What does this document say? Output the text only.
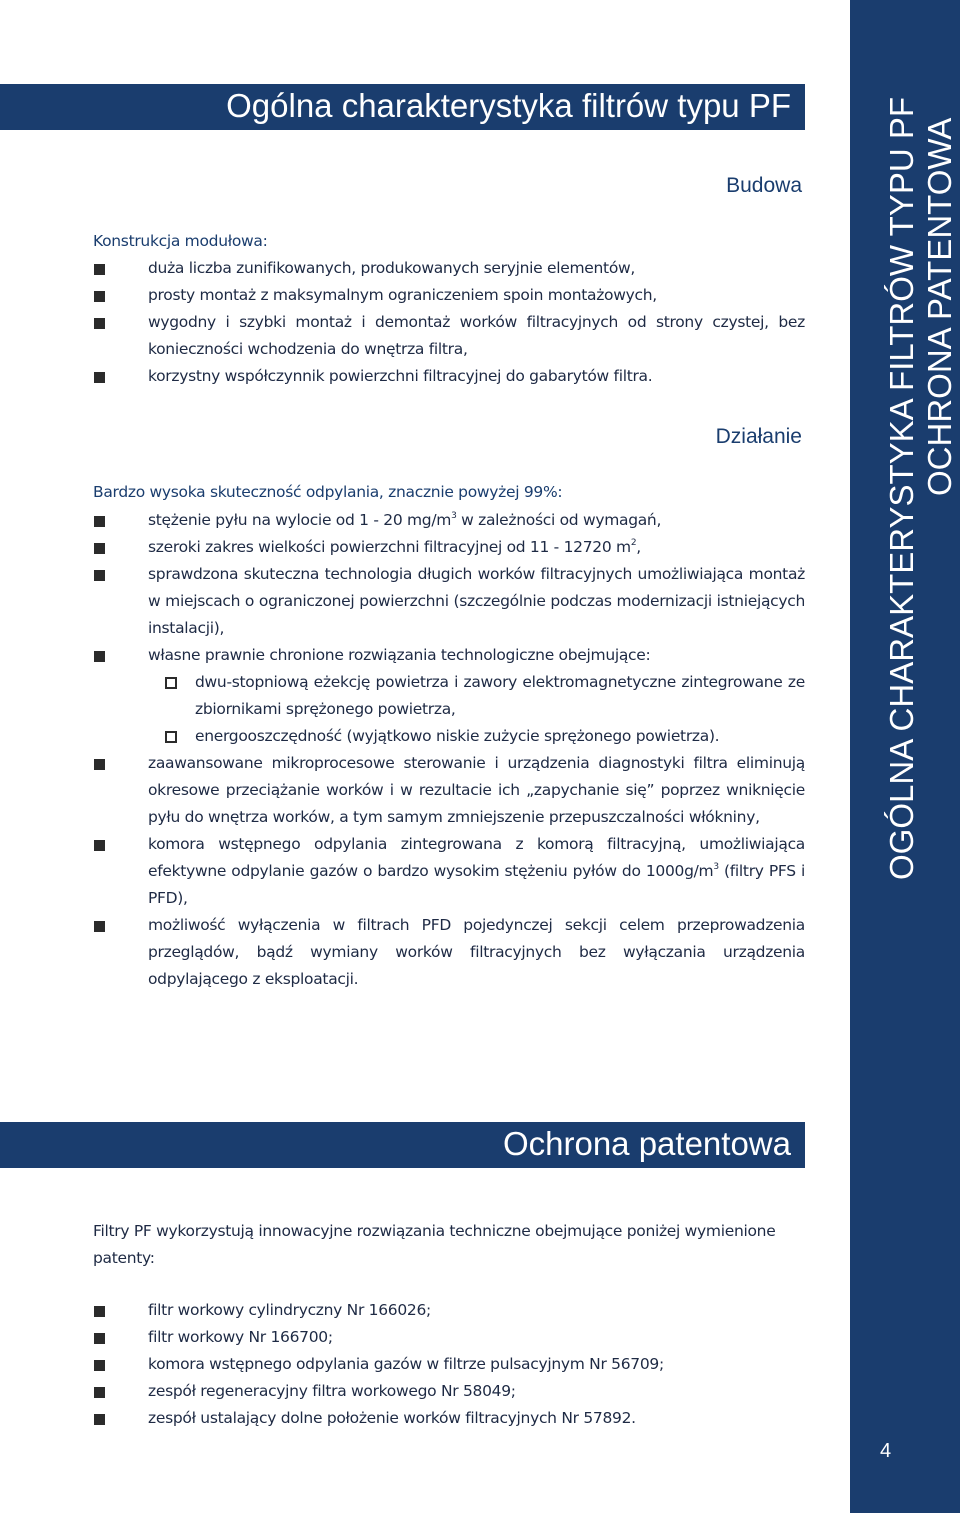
OGÓLNA CHARAKTERYSTYKA FILTRÓW TYPU PF OCHRONA PATENTOWA
4
Ogólna charakterystyka filtrów typu PF
Budowa
Konstrukcja modułowa:
duża liczba zunifikowanych, produkowanych seryjnie elementów,
prosty montaż z maksymalnym ograniczeniem spoin montażowych,
wygodny i szybki montaż i demontaż worków filtracyjnych od strony czystej, bez konieczności wchodzenia do wnętrza filtra,
korzystny współczynnik powierzchni filtracyjnej do gabarytów filtra.
Działanie
Bardzo wysoka skuteczność odpylania, znacznie powyżej 99%:
stężenie pyłu na wylocie od 1 - 20 $mg/m^3$ w zależności od wymagań,
szeroki zakres wielkości powierzchni filtracyjnej od 11 - 12720 $m^2$,
sprawdzona skuteczna technologia długich worków filtracyjnych umożliwiająca montaż w miejscach o ograniczonej powierzchni (szczególnie podczas modernizacji istniejących instalacji),
własne prawnie chronione rozwiązania technologiczne obejmujące:
dwu-stopniową eżekcję powietrza i zawory elektromagnetyczne zintegrowane ze zbiornikami sprężonego powietrza,
energooszczędność (wyjątkowo niskie zużycie sprężonego powietrza).
zaawansowane mikroprocesowe sterowanie i urządzenia diagnostyki filtra eliminują okresowe przeciążanie worków i w rezultacie ich „zapychanie się” poprzez wniknięcie pyłu do wnętrza worków, a tym samym zmniejszenie przepuszczalności włókniny,
komora wstępnego odpylania zintegrowana z komorą filtracyjną, umożliwiająca efektywne odpylanie gazów o bardzo wysokim stężeniu pyłów do $1000g/m^3$ (filtry PFS i PFD),
możliwość wyłączenia w filtrach PFD pojedynczej sekcji celem przeprowadzenia przeglądów, bądź wymiany worków filtracyjnych bez wyłączania urządzenia odpylającego z eksploatacji.
Ochrona patentowa
Filtry PF wykorzystują innowacyjne rozwiązania techniczne obejmujące poniżej wymienione patenty:
filtr workowy cylindryczny Nr 166026;
filtr workowy Nr 166700;
komora wstępnego odpylania gazów w filtrze pulsacyjnym Nr 56709;
zespół regeneracyjny filtra workowego Nr 58049;
zespół ustalający dolne położenie worków filtracyjnych Nr 57892.
